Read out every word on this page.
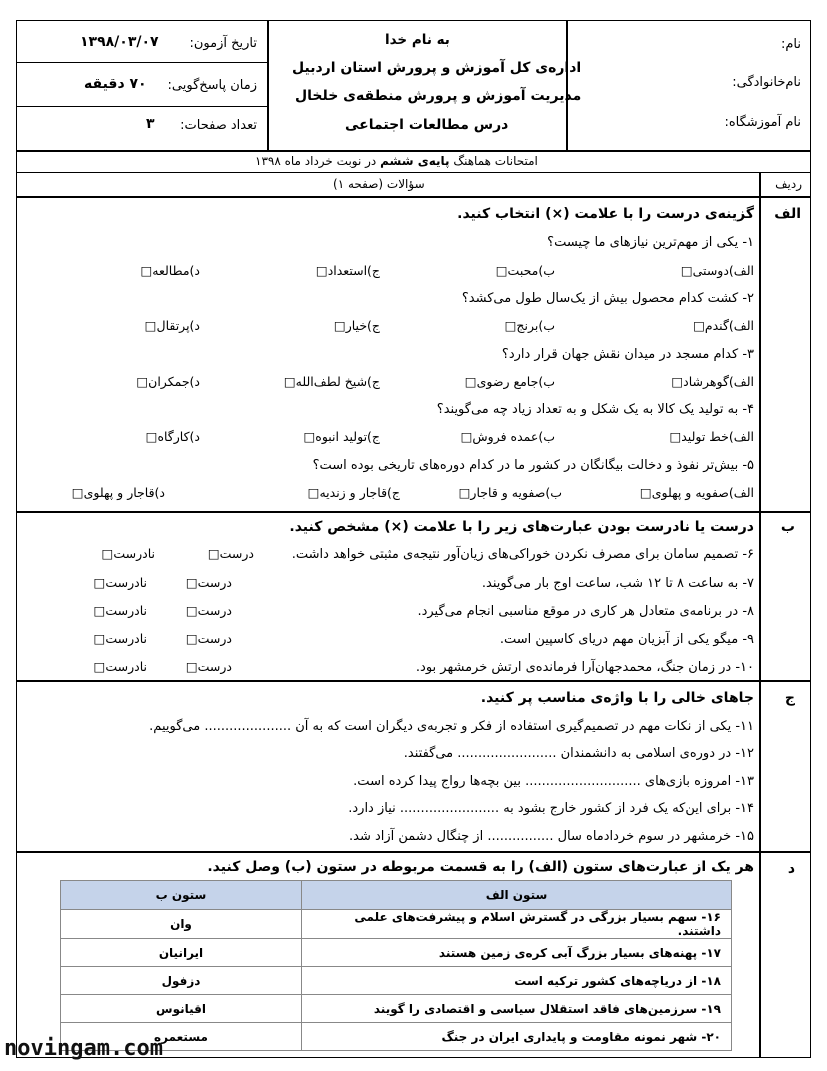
نام:
نام‌خانوادگی:
نام آموزشگاه:
به نام خدا
اداره‌ی کل آموزش و پرورش استان اردبیل
مدیریت آموزش و پرورش منطقه‌ی خلخال
درس مطالعات اجتماعی
تاریخ آزمون:
۱۳۹۸/۰۳/۰۷
زمان پاسخ‌گویی:
۷۰ دقیقه
تعداد صفحات:
۳
امتحانات هماهنگ پایه‌ی ششم در نوبت خرداد ماه ۱۳۹۸
ردیف
سؤالات (صفحه ۱)
الف
گزینه‌ی درست را با علامت (×) انتخاب کنید.
۱- یکی از مهم‌ترین نیازهای ما چیست؟
الف)دوستی□
ب)محبت□
ج)استعداد□
د)مطالعه□
۲- کشت کدام محصول بیش از یک‌سال طول می‌کشد؟
الف)گندم□
ب)برنج□
ج)خیار□
د)پرتقال□
۳- کدام مسجد در میدان نقش جهان قرار دارد؟
الف)گوهرشاد□
ب)جامع رضوی□
ج)شیخ لطف‌الله□
د)جمکران□
۴- به تولید یک کالا به یک شکل و به تعداد زیاد چه می‌گویند؟
الف)خط تولید□
ب)عمده فروش□
ج)تولید انبوه□
د)کارگاه□
۵- بیش‌تر نفوذ و دخالت بیگانگان در کشور ما در کدام دوره‌های تاریخی بوده است؟
الف)صفویه و پهلوی□
ب)صفویه و قاجار□
ج)قاجار و زندیه□
د)قاجار و پهلوی□
ب
درست یا نادرست بودن عبارت‌های زیر را با علامت (×) مشخص کنید.
۶- تصمیم سامان برای مصرف نکردن خوراکی‌های زیان‌آور نتیجه‌ی مثبتی خواهد داشت.
درست□
نادرست□
۷- به ساعت ۸ تا ۱۲ شب، ساعت اوج بار می‌گویند.
درست□
نادرست□
۸- در برنامه‌ی متعادل هر کاری در موقع مناسبی انجام می‌گیرد.
درست□
نادرست□
۹- میگو یکی از آبزیان مهم دریای کاسپین است.
درست□
نادرست□
۱۰- در زمان جنگ، محمدجهان‌آرا فرمانده‌ی ارتش خرمشهر بود.
درست□
نادرست□
ج
جاهای خالی را با واژه‌ی مناسب پر کنید.
۱۱- یکی از نکات مهم در تصمیم‌گیری استفاده از فکر و تجربه‌ی دیگران است که به آن ..................... می‌گوییم.
۱۲- در دوره‌ی اسلامی به دانشمندان ........................ می‌گفتند.
۱۳- امروزه بازی‌های ............................ بین بچه‌ها رواج پیدا کرده است.
۱۴- برای این‌که یک فرد از کشور خارج بشود به ........................ نیاز دارد.
۱۵- خرمشهر در سوم خردادماه سال ................ از چنگال دشمن آزاد شد.
د
هر یک از عبارت‌های ستون (الف) را به قسمت مربوطه در ستون (ب) وصل کنید.
ستون الف	ستون ب
۱۶- سهم بسیار بزرگی در گسترش اسلام و پیشرفت‌های علمی داشتند.	وان
۱۷- پهنه‌های بسیار بزرگ آبی کره‌ی زمین هستند	ایرانیان
۱۸- از دریاچه‌های کشور ترکیه است	دزفول
۱۹- سرزمین‌های فاقد استقلال سیاسی و اقتصادی را گویند	اقیانوس
۲۰- شهر نمونه مقاومت و پایداری ایران در جنگ	مستعمره
novingam.com
